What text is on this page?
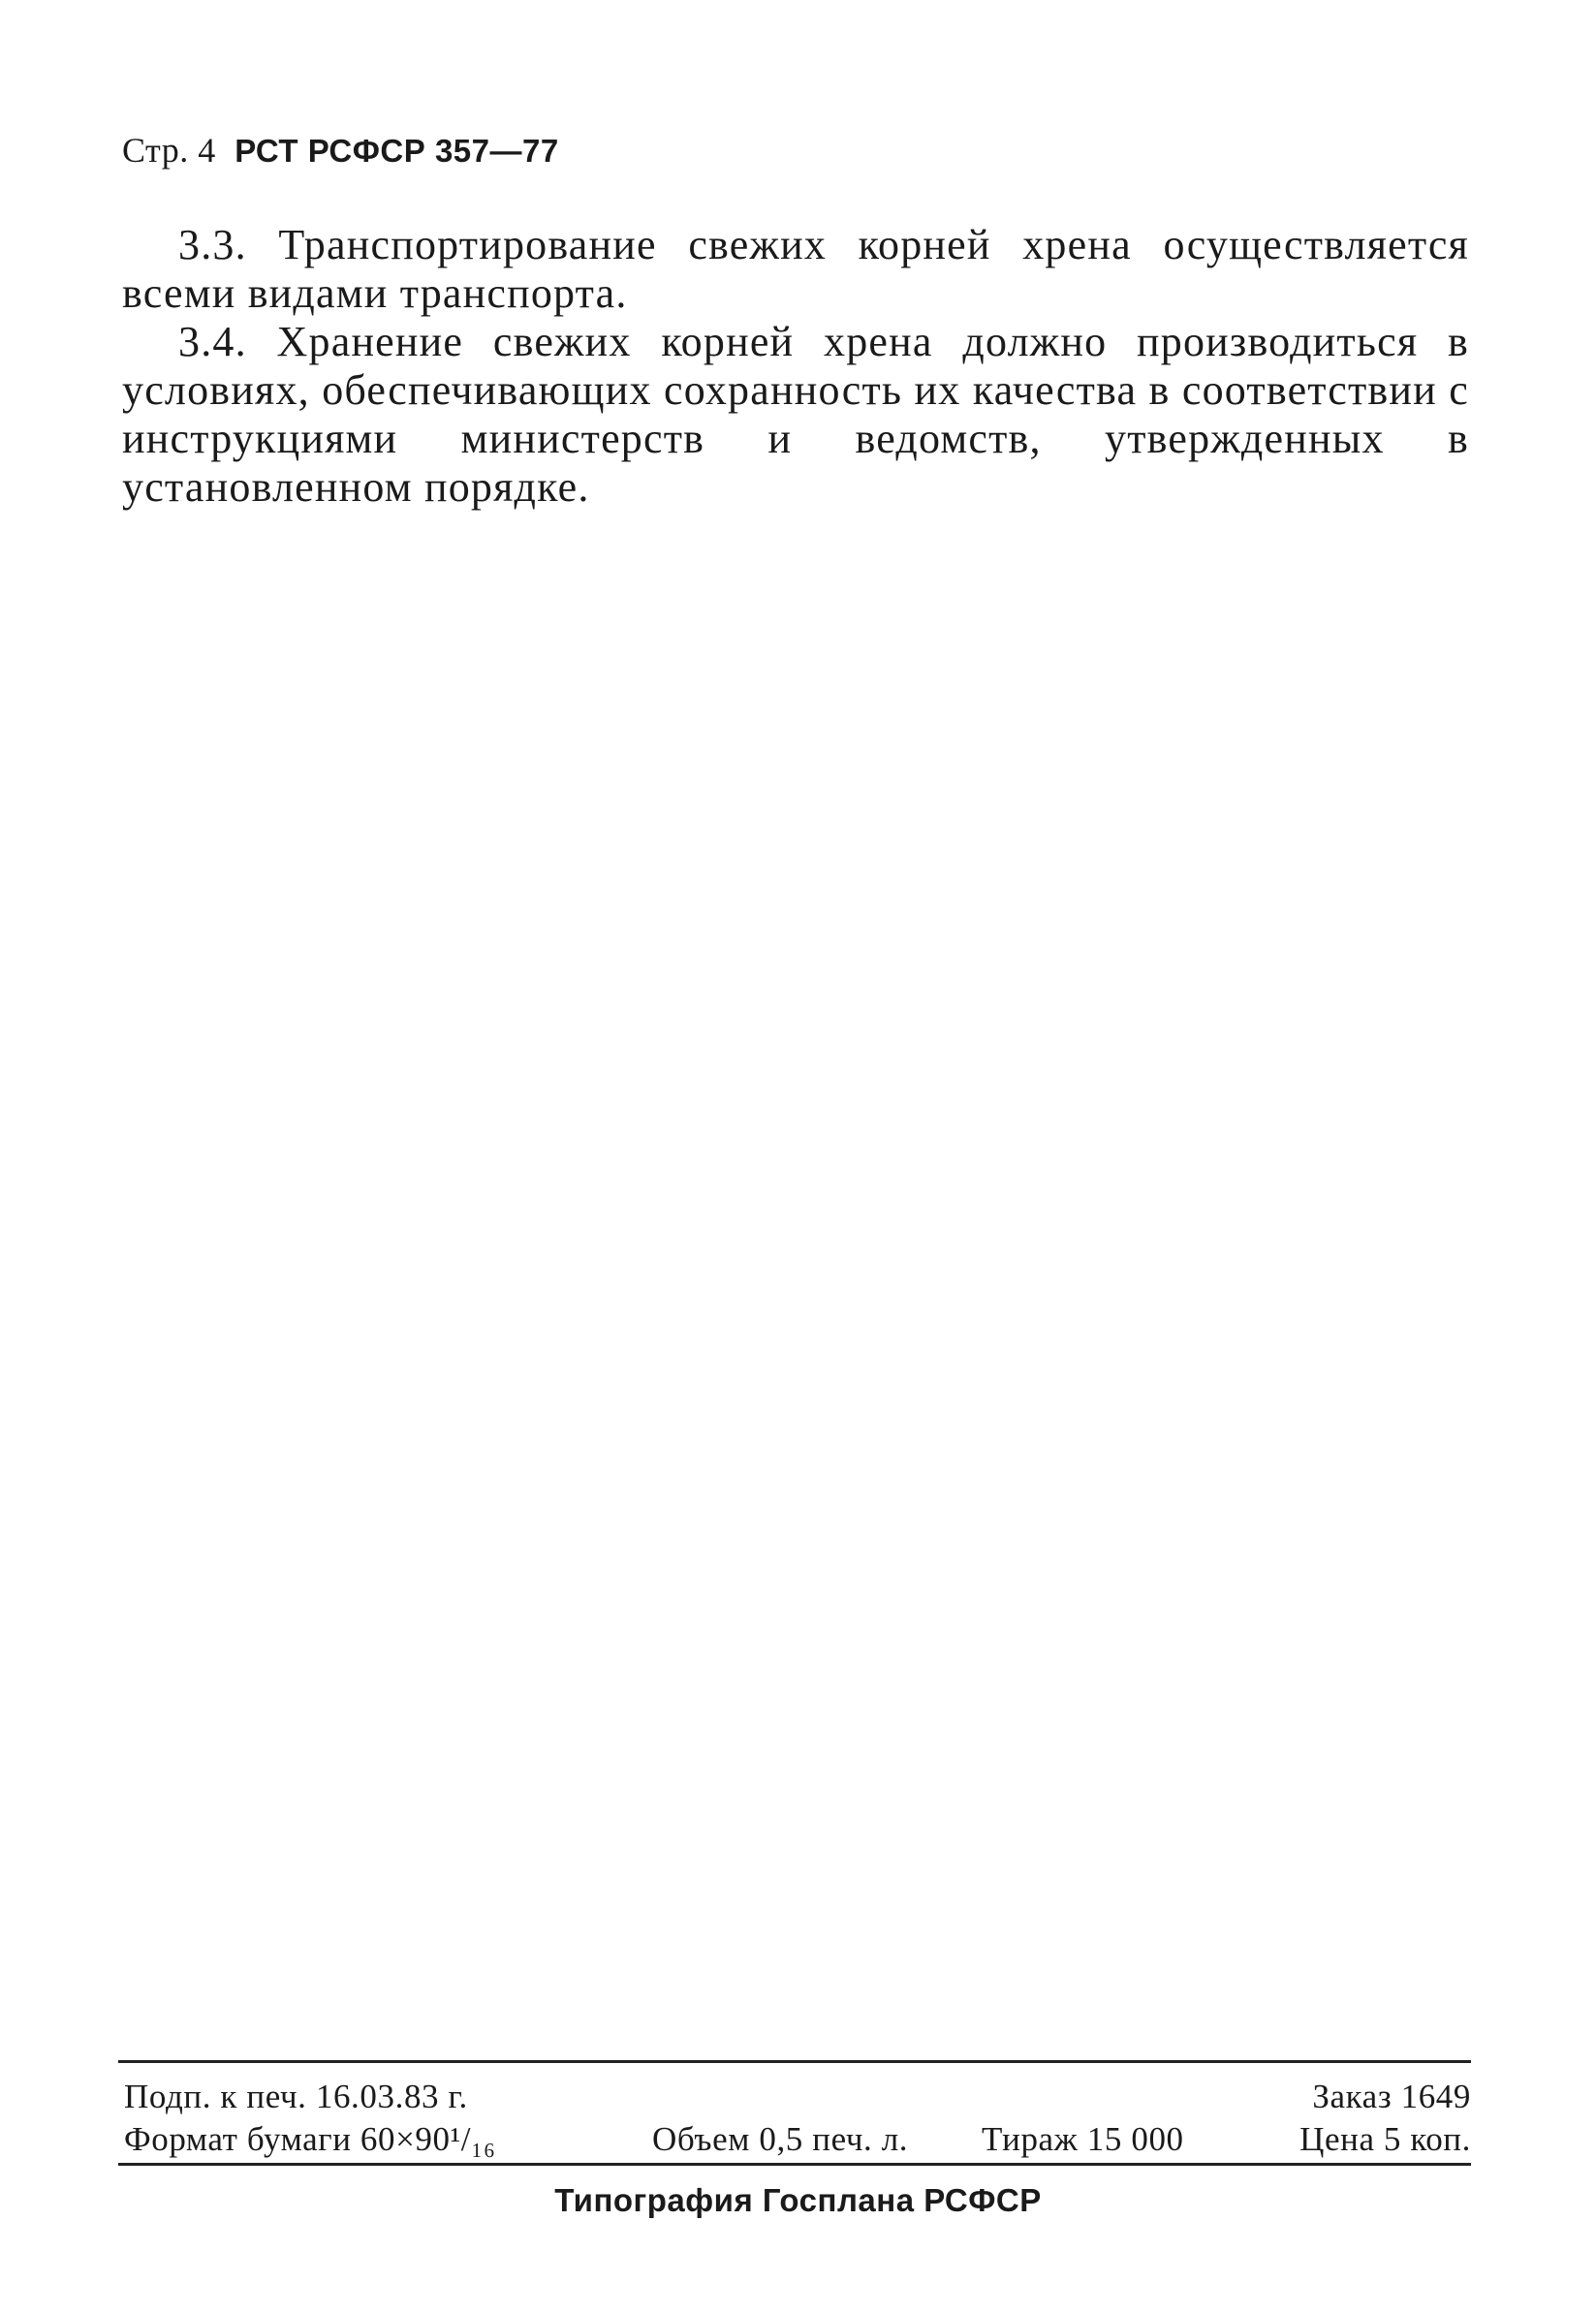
Стр. 4 РСТ РСФСР 357—77

3.3. Транспортирование свежих корней хрена осуществляется всеми видами транспорта.

3.4. Хранение свежих корней хрена должно производиться в условиях, обеспечивающих сохранность их качества в соответствии с инструкциями министерств и ведомств, утвержденных в установленном порядке.

Подп. к печ. 16.03.83 г.	Заказ 1649
Формат бумаги 60×90¹/₁₆	Объем 0,5 печ. л. Тираж 15 000	Цена 5 коп.
Типография Госплана РСФСР
